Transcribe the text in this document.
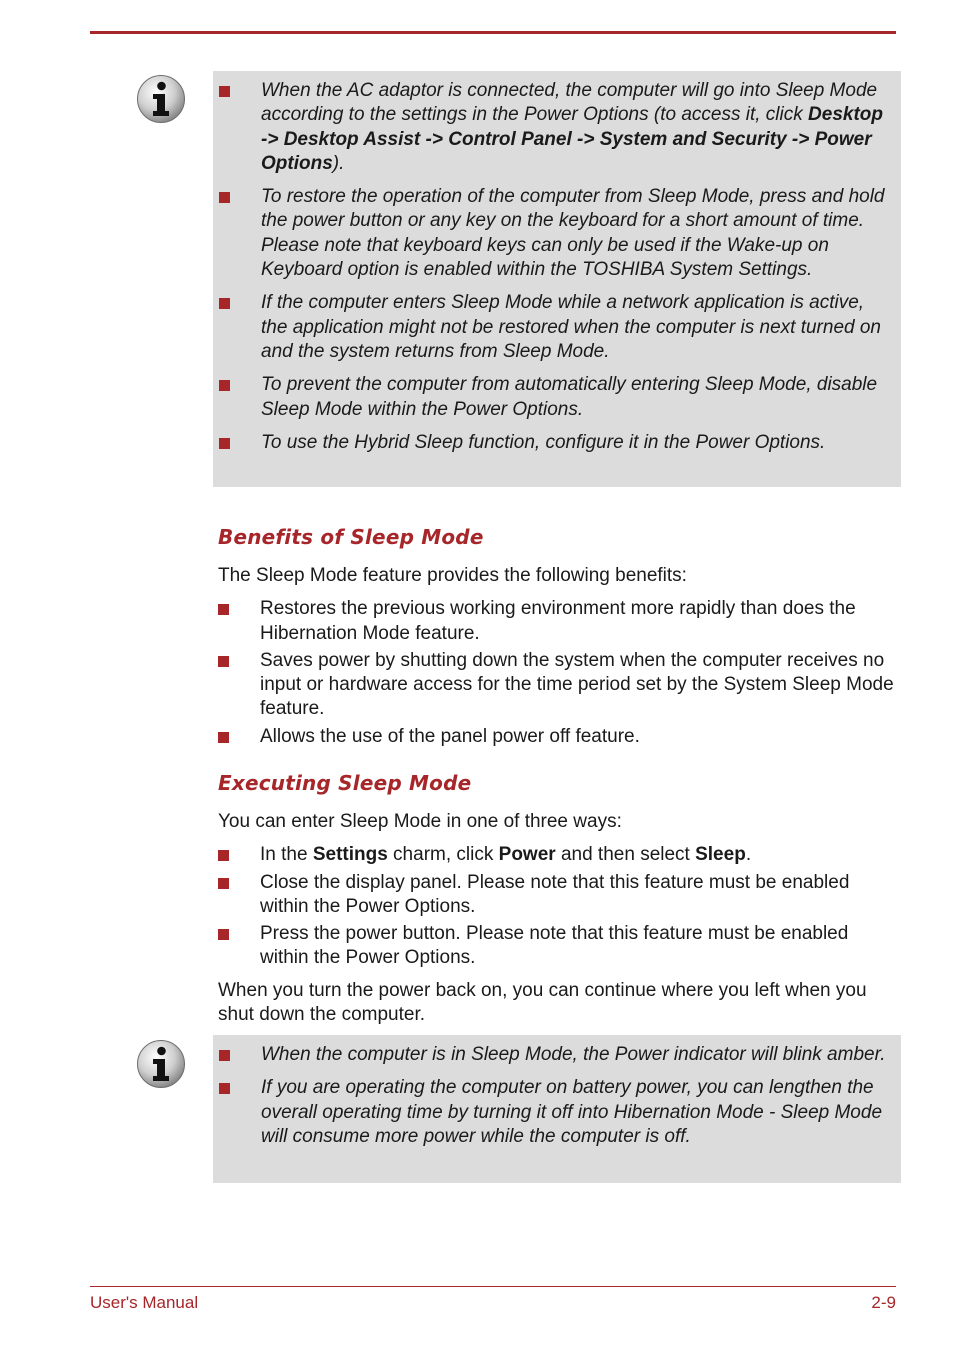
When the AC adaptor is connected, the computer will go into Sleep Mode according to the settings in the Power Options (to access it, click Desktop -> Desktop Assist -> Control Panel -> System and Security -> Power Options).
To restore the operation of the computer from Sleep Mode, press and hold the power button or any key on the keyboard for a short amount of time. Please note that keyboard keys can only be used if the Wake-up on Keyboard option is enabled within the TOSHIBA System Settings.
If the computer enters Sleep Mode while a network application is active, the application might not be restored when the computer is next turned on and the system returns from Sleep Mode.
To prevent the computer from automatically entering Sleep Mode, disable Sleep Mode within the Power Options.
To use the Hybrid Sleep function, configure it in the Power Options.
Benefits of Sleep Mode

The Sleep Mode feature provides the following benefits:

Restores the previous working environment more rapidly than does the Hibernation Mode feature.
Saves power by shutting down the system when the computer receives no input or hardware access for the time period set by the System Sleep Mode feature.
Allows the use of the panel power off feature.
Executing Sleep Mode

You can enter Sleep Mode in one of three ways:

In the Settings charm, click Power and then select Sleep.
Close the display panel. Please note that this feature must be enabled within the Power Options.
Press the power button. Please note that this feature must be enabled within the Power Options.

When you turn the power back on, you can continue where you left when you shut down the computer.

When the computer is in Sleep Mode, the Power indicator will blink amber.
If you are operating the computer on battery power, you can lengthen the overall operating time by turning it off into Hibernation Mode - Sleep Mode will consume more power while the computer is off.
User's Manual	2-9
